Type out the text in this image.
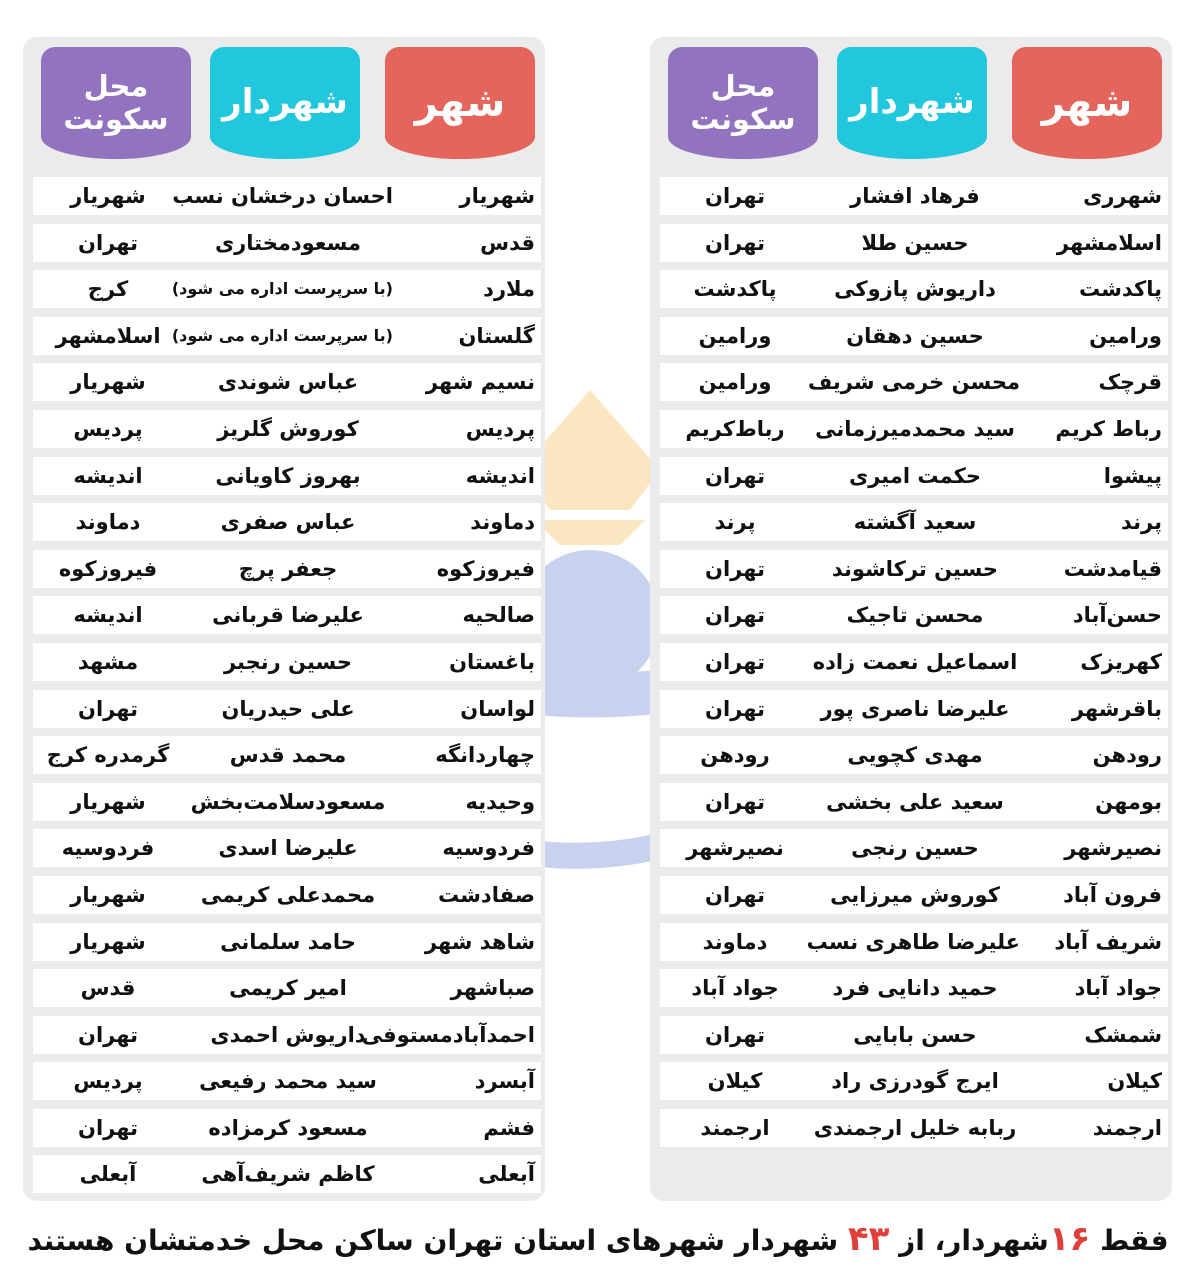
شهر
شهردار
محل
سکونت
شهرری
فرهاد افشار
تهران
اسلامشهر
حسین طلا
تهران
پاکدشت
داریوش پازوکی
پاکدشت
ورامین
حسین دهقان
ورامین
قرچک
محسن خرمی شریف
ورامین
رباط کریم
سید محمدمیرزمانی
رباط‌کریم
پیشوا
حکمت امیری
تهران
پرند
سعید آگشته
پرند
قیامدشت
حسین ترکاشوند
تهران
حسن‌آباد
محسن تاجیک
تهران
کهریزک
اسماعیل نعمت زاده
تهران
باقرشهر
علیرضا ناصری پور
تهران
رودهن
مهدی کچویی
رودهن
بومهن
سعید علی بخشی
تهران
نصیرشهر
حسین رنجی
نصیرشهر
فرون آباد
کوروش میرزایی
تهران
شریف آباد
علیرضا طاهری نسب
دماوند
جواد آباد
حمید دانایی فرد
جواد آباد
شمشک
حسن بابایی
تهران
کیلان
ایرج گودرزی راد
کیلان
ارجمند
ربابه خلیل ارجمندی
ارجمند
شهر
شهردار
محل
سکونت
شهریار
احسان درخشان نسب
شهریار
قدس
مسعودمختاری
تهران
ملارد
(با سرپرست اداره می شود)
کرج
گلستان
(با سرپرست اداره می شود)
اسلامشهر
نسیم شهر
عباس شوندی
شهریار
پردیس
کوروش گلریز
پردیس
اندیشه
بهروز کاویانی
اندیشه
دماوند
عباس صفری
دماوند
فیروزکوه
جعفر پرچ
فیروزکوه
صالحیه
علیرضا قربانی
اندیشه
باغستان
حسین رنجبر
مشهد
لواسان
علی حیدریان
تهران
چهاردانگه
محمد قدس
گرمدره کرج
وحیدیه
مسعودسلامت‌بخش
شهریار
فردوسیه
علیرضا اسدی
فردوسیه
صفادشت
محمدعلی کریمی
شهریار
شاهد شهر
حامد سلمانی
شهریار
صباشهر
امیر کریمی
قدس
احمدآبادمستوفی
داریوش احمدی
تهران
آبسرد
سید محمد رفیعی
پردیس
فشم
مسعود کرمزاده
تهران
آبعلی
کاظم شریف‌آهی
آبعلی
فقط ۱۶شهردار، از ۴۳ شهردار شهرهای استان تهران ساکن محل خدمتشان هستند
